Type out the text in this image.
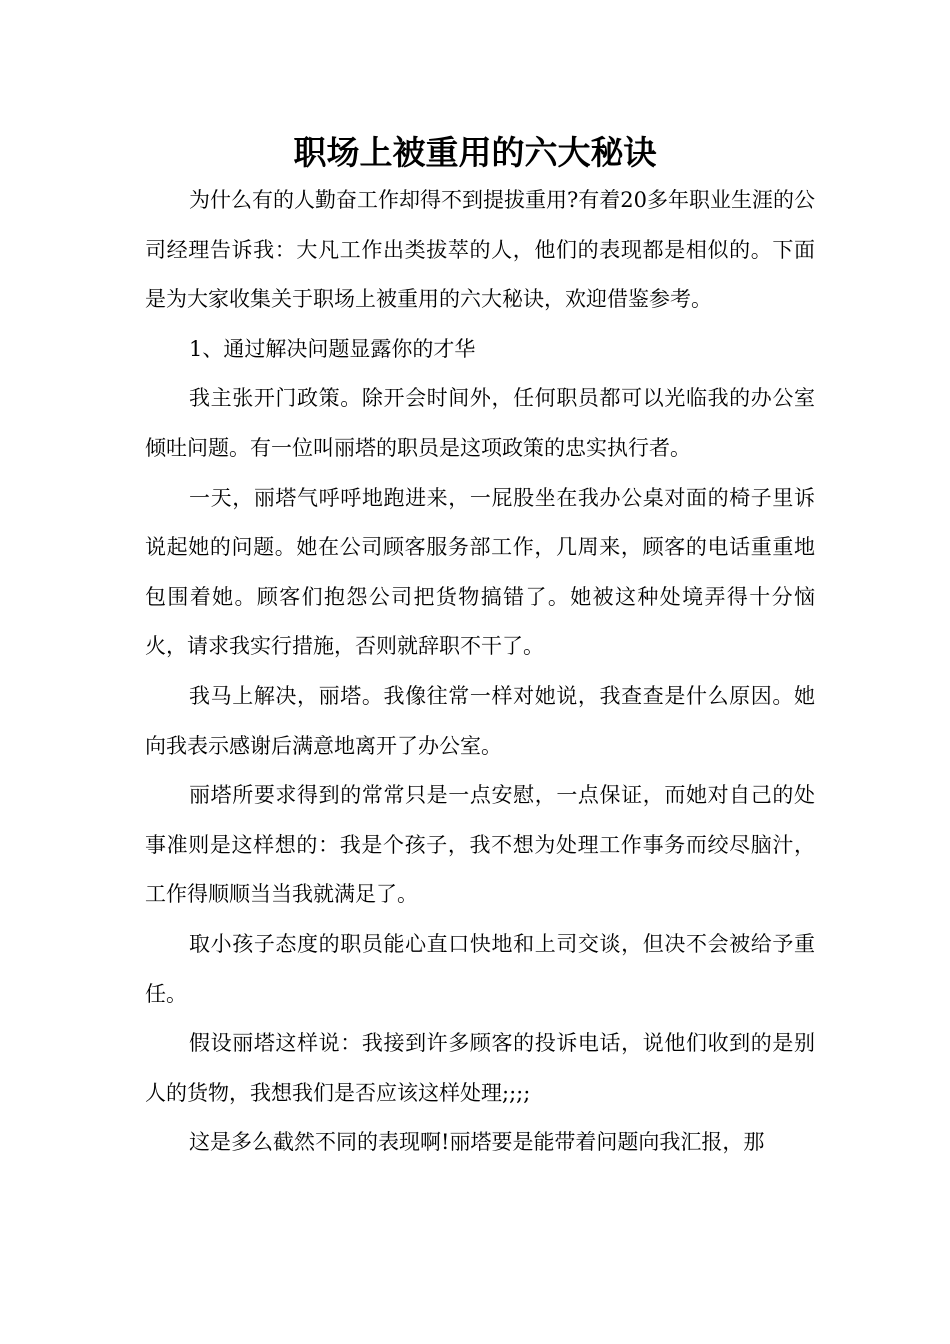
职场上被重用的六大秘诀

为什么有的人勤奋工作却得不到提拔重用?有着20多年职业生涯的公司经理告诉我：大凡工作出类拔萃的人，他们的表现都是相似的。下面是为大家收集关于职场上被重用的六大秘诀，欢迎借鉴参考。

1、通过解决问题显露你的才华

我主张开门政策。除开会时间外，任何职员都可以光临我的办公室倾吐问题。有一位叫丽塔的职员是这项政策的忠实执行者。

一天，丽塔气呼呼地跑进来，一屁股坐在我办公桌对面的椅子里诉说起她的问题。她在公司顾客服务部工作，几周来，顾客的电话重重地包围着她。顾客们抱怨公司把货物搞错了。她被这种处境弄得十分恼火，请求我实行措施，否则就辞职不干了。

我马上解决，丽塔。我像往常一样对她说，我查查是什么原因。她向我表示感谢后满意地离开了办公室。

丽塔所要求得到的常常只是一点安慰，一点保证，而她对自己的处事准则是这样想的：我是个孩子，我不想为处理工作事务而绞尽脑汁，工作得顺顺当当我就满足了。

取小孩子态度的职员能心直口快地和上司交谈，但决不会被给予重任。

假设丽塔这样说：我接到许多顾客的投诉电话，说他们收到的是别人的货物，我想我们是否应该这样处理;;;;

这是多么截然不同的表现啊!丽塔要是能带着问题向我汇报，那
